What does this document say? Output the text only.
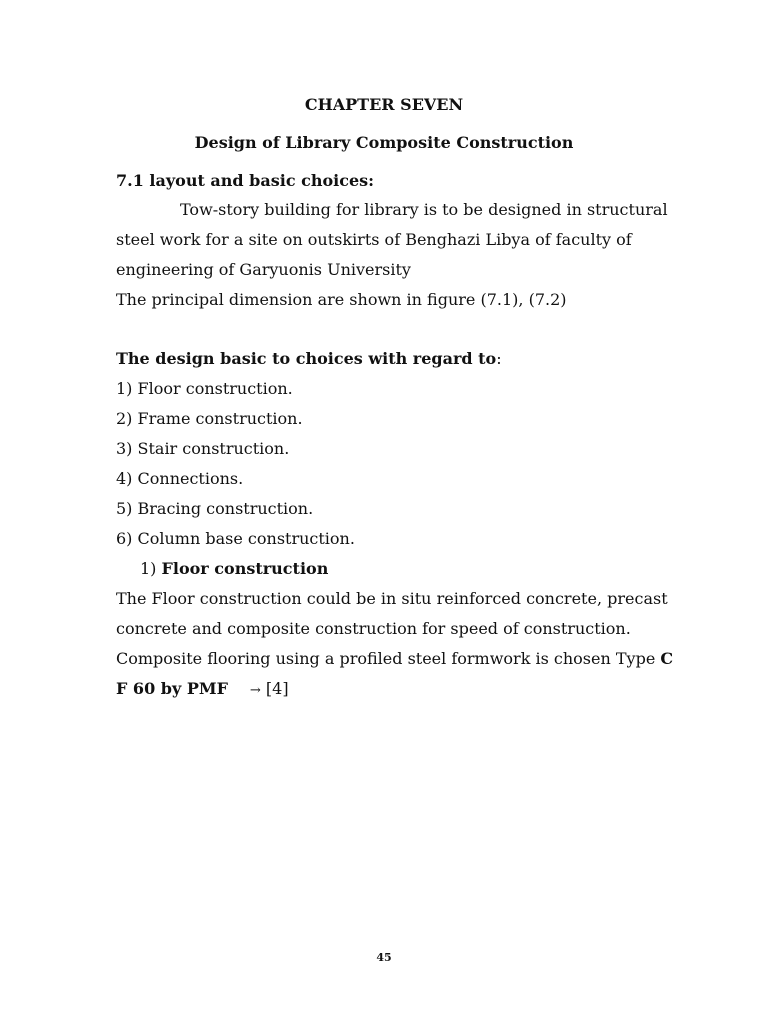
CHAPTER SEVEN
Design of Library Composite Construction
7.1 layout and basic choices:
Tow-story building for library is to be designed in structural
steel work for a site on outskirts of Benghazi Libya of faculty of
engineering of Garyuonis University
The principal dimension are shown in figure (7.1), (7.2)
The design basic to choices with regard to:
1) Floor construction.
2) Frame construction.
3) Stair construction.
4) Connections.
5) Bracing construction.
6) Column base construction.
1) Floor construction
The Floor construction could be in situ reinforced concrete, precast
concrete and composite construction for speed of construction.
Composite flooring using a profiled steel formwork is chosen Type C
F 60 by PMF → [4]
45
